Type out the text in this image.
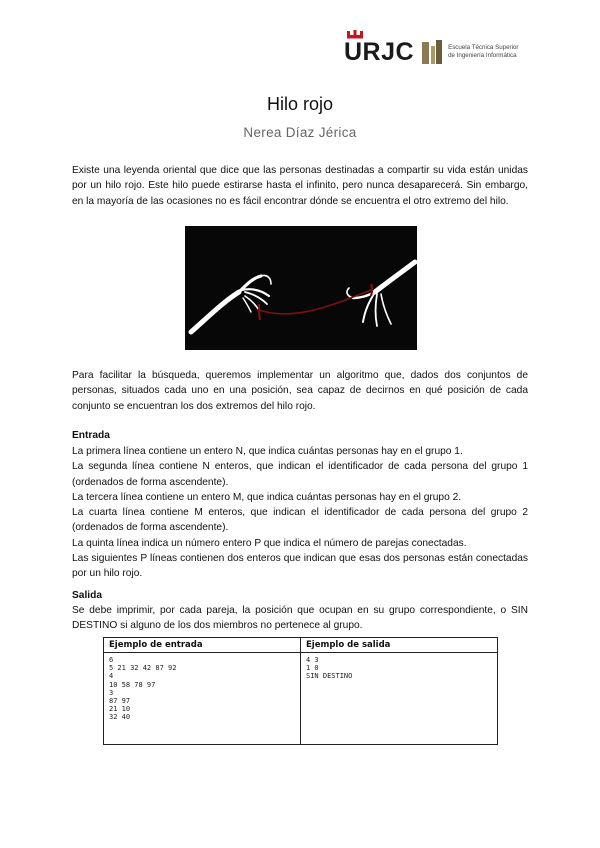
URJC	Escuela Técnica Superior
de Ingeniería Informática
Hilo rojo
Nerea Díaz Jérica

Existe una leyenda oriental que dice que las personas destinadas a compartir su vida están unidas por un hilo rojo. Este hilo puede estirarse hasta el infinito, pero nunca desaparecerá. Sin embargo, en la mayoría de las ocasiones no es fácil encontrar dónde se encuentra el otro extremo del hilo.

Para facilitar la búsqueda, queremos implementar un algoritmo que, dados dos conjuntos de personas, situados cada uno en una posición, sea capaz de decirnos en qué posición de cada conjunto se encuentran los dos extremos del hilo rojo.

Entrada
La primera línea contiene un entero N, que indica cuántas personas hay en el grupo 1.
La segunda línea contiene N enteros, que indican el identificador de cada persona del grupo 1 (ordenados de forma ascendente).
La tercera línea contiene un entero M, que indica cuántas personas hay en el grupo 2.
La cuarta línea contiene M enteros, que indican el identificador de cada persona del grupo 2 (ordenados de forma ascendente).
La quinta línea indica un número entero P que indica el número de parejas conectadas.
Las siguientes P líneas contienen dos enteros que indican que esas dos personas están conectadas por un hilo rojo.
Salida
Se debe imprimir, por cada pareja, la posición que ocupan en su grupo correspondiente, o SIN DESTINO si alguno de los dos miembros no pertenece al grupo.
Ejemplo de entrada
6
5 21 32 42 87 92
4
10 58 78 97
3
87 97
21 10
32 40
Ejemplo de salida
4 3
1 0
SIN DESTINO
